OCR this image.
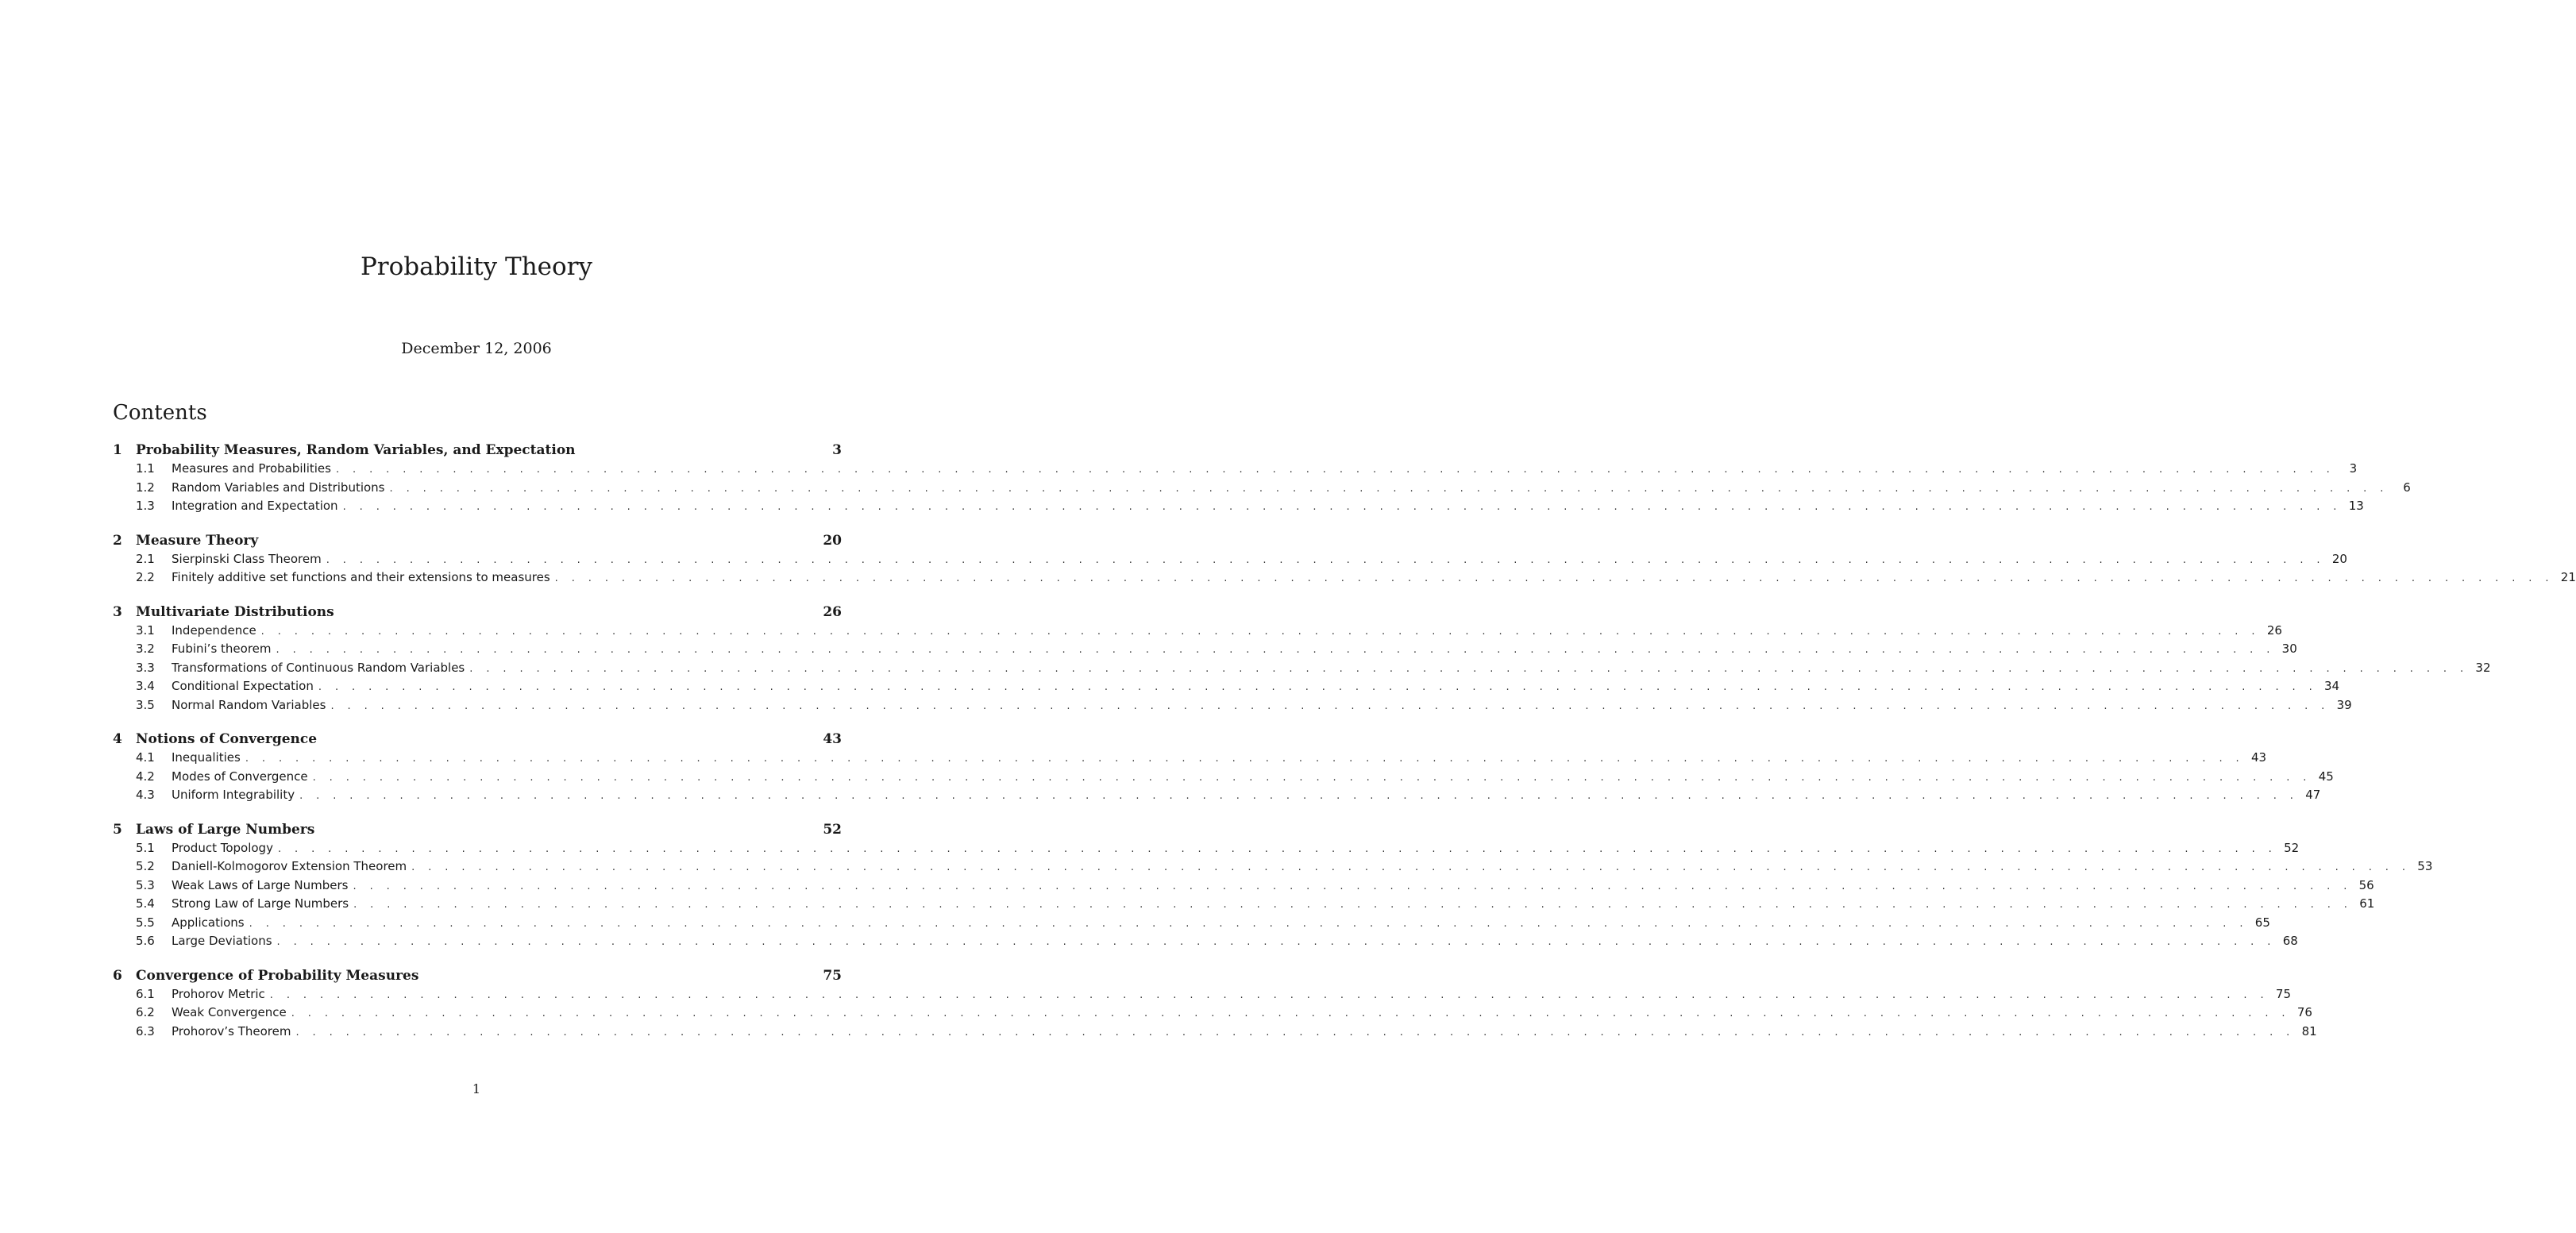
Probability Theory
December 12, 2006
Contents
1	Probability Measures, Random Variables, and Expectation	3
1.1	Measures and Probabilities . . . . . . . . . . . . . . . . . . . . . . . . . . . . . . . . . . . . . . . . . . . . . . . . . . . . . . . . . . . . . . . . . . . . . . . . . . . . . . . . . . . . . . . . . . . . . . . . . . . . . . . . . . . . . . . . . . . . . . . .	3
1.2	Random Variables and Distributions . . . . . . . . . . . . . . . . . . . . . . . . . . . . . . . . . . . . . . . . . . . . . . . . . . . . . . . . . . . . . . . . . . . . . . . . . . . . . . . . . . . . . . . . . . . . . . . . . . . . . . . . . . . . . . . . . . . . . . . .	6
1.3	Integration and Expectation . . . . . . . . . . . . . . . . . . . . . . . . . . . . . . . . . . . . . . . . . . . . . . . . . . . . . . . . . . . . . . . . . . . . . . . . . . . . . . . . . . . . . . . . . . . . . . . . . . . . . . . . . . . . . . . . . . . . . . . . 13
2	Measure Theory	20
2.1	Sierpinski Class Theorem . . . . . . . . . . . . . . . . . . . . . . . . . . . . . . . . . . . . . . . . . . . . . . . . . . . . . . . . . . . . . . . . . . . . . . . . . . . . . . . . . . . . . . . . . . . . . . . . . . . . . . . . . . . . . . . . . . . . . . . . 20
2.2	Finitely additive set functions and their extensions to measures . . . . . . . . . . . . . . . . . . . . . . . . . . . . . . . . . . . . . . . . . . . . . . . . . . . . . . . . . . . . . . . . . . . . . . . . . . . . . . . . . . . . . . . . . . . . . . . . . . . . . . . . . . . . . . . . . . . . . . . . 21
3	Multivariate Distributions	26
3.1	Independence . . . . . . . . . . . . . . . . . . . . . . . . . . . . . . . . . . . . . . . . . . . . . . . . . . . . . . . . . . . . . . . . . . . . . . . . . . . . . . . . . . . . . . . . . . . . . . . . . . . . . . . . . . . . . . . . . . . . . . . . 26
3.2	Fubini’s theorem . . . . . . . . . . . . . . . . . . . . . . . . . . . . . . . . . . . . . . . . . . . . . . . . . . . . . . . . . . . . . . . . . . . . . . . . . . . . . . . . . . . . . . . . . . . . . . . . . . . . . . . . . . . . . . . . . . . . . . . . 30
3.3	Transformations of Continuous Random Variables . . . . . . . . . . . . . . . . . . . . . . . . . . . . . . . . . . . . . . . . . . . . . . . . . . . . . . . . . . . . . . . . . . . . . . . . . . . . . . . . . . . . . . . . . . . . . . . . . . . . . . . . . . . . . . . . . . . . . . . . 32
3.4	Conditional Expectation . . . . . . . . . . . . . . . . . . . . . . . . . . . . . . . . . . . . . . . . . . . . . . . . . . . . . . . . . . . . . . . . . . . . . . . . . . . . . . . . . . . . . . . . . . . . . . . . . . . . . . . . . . . . . . . . . . . . . . . . 34
3.5	Normal Random Variables . . . . . . . . . . . . . . . . . . . . . . . . . . . . . . . . . . . . . . . . . . . . . . . . . . . . . . . . . . . . . . . . . . . . . . . . . . . . . . . . . . . . . . . . . . . . . . . . . . . . . . . . . . . . . . . . . . . . . . . . 39
4	Notions of Convergence	43
4.1	Inequalities . . . . . . . . . . . . . . . . . . . . . . . . . . . . . . . . . . . . . . . . . . . . . . . . . . . . . . . . . . . . . . . . . . . . . . . . . . . . . . . . . . . . . . . . . . . . . . . . . . . . . . . . . . . . . . . . . . . . . . . . 43
4.2	Modes of Convergence . . . . . . . . . . . . . . . . . . . . . . . . . . . . . . . . . . . . . . . . . . . . . . . . . . . . . . . . . . . . . . . . . . . . . . . . . . . . . . . . . . . . . . . . . . . . . . . . . . . . . . . . . . . . . . . . . . . . . . . . 45
4.3	Uniform Integrability . . . . . . . . . . . . . . . . . . . . . . . . . . . . . . . . . . . . . . . . . . . . . . . . . . . . . . . . . . . . . . . . . . . . . . . . . . . . . . . . . . . . . . . . . . . . . . . . . . . . . . . . . . . . . . . . . . . . . . . . 47
5	Laws of Large Numbers	52
5.1	Product Topology . . . . . . . . . . . . . . . . . . . . . . . . . . . . . . . . . . . . . . . . . . . . . . . . . . . . . . . . . . . . . . . . . . . . . . . . . . . . . . . . . . . . . . . . . . . . . . . . . . . . . . . . . . . . . . . . . . . . . . . . 52
5.2	Daniell-Kolmogorov Extension Theorem . . . . . . . . . . . . . . . . . . . . . . . . . . . . . . . . . . . . . . . . . . . . . . . . . . . . . . . . . . . . . . . . . . . . . . . . . . . . . . . . . . . . . . . . . . . . . . . . . . . . . . . . . . . . . . . . . . . . . . . . 53
5.3	Weak Laws of Large Numbers . . . . . . . . . . . . . . . . . . . . . . . . . . . . . . . . . . . . . . . . . . . . . . . . . . . . . . . . . . . . . . . . . . . . . . . . . . . . . . . . . . . . . . . . . . . . . . . . . . . . . . . . . . . . . . . . . . . . . . . . 56
5.4	Strong Law of Large Numbers . . . . . . . . . . . . . . . . . . . . . . . . . . . . . . . . . . . . . . . . . . . . . . . . . . . . . . . . . . . . . . . . . . . . . . . . . . . . . . . . . . . . . . . . . . . . . . . . . . . . . . . . . . . . . . . . . . . . . . . . 61
5.5	Applications . . . . . . . . . . . . . . . . . . . . . . . . . . . . . . . . . . . . . . . . . . . . . . . . . . . . . . . . . . . . . . . . . . . . . . . . . . . . . . . . . . . . . . . . . . . . . . . . . . . . . . . . . . . . . . . . . . . . . . . . 65
5.6	Large Deviations . . . . . . . . . . . . . . . . . . . . . . . . . . . . . . . . . . . . . . . . . . . . . . . . . . . . . . . . . . . . . . . . . . . . . . . . . . . . . . . . . . . . . . . . . . . . . . . . . . . . . . . . . . . . . . . . . . . . . . . . 68
6	Convergence of Probability Measures	75
6.1	Prohorov Metric . . . . . . . . . . . . . . . . . . . . . . . . . . . . . . . . . . . . . . . . . . . . . . . . . . . . . . . . . . . . . . . . . . . . . . . . . . . . . . . . . . . . . . . . . . . . . . . . . . . . . . . . . . . . . . . . . . . . . . . . 75
6.2	Weak Convergence . . . . . . . . . . . . . . . . . . . . . . . . . . . . . . . . . . . . . . . . . . . . . . . . . . . . . . . . . . . . . . . . . . . . . . . . . . . . . . . . . . . . . . . . . . . . . . . . . . . . . . . . . . . . . . . . . . . . . . . . 76
6.3	Prohorov’s Theorem . . . . . . . . . . . . . . . . . . . . . . . . . . . . . . . . . . . . . . . . . . . . . . . . . . . . . . . . . . . . . . . . . . . . . . . . . . . . . . . . . . . . . . . . . . . . . . . . . . . . . . . . . . . . . . . . . . . . . . . . 81
1
